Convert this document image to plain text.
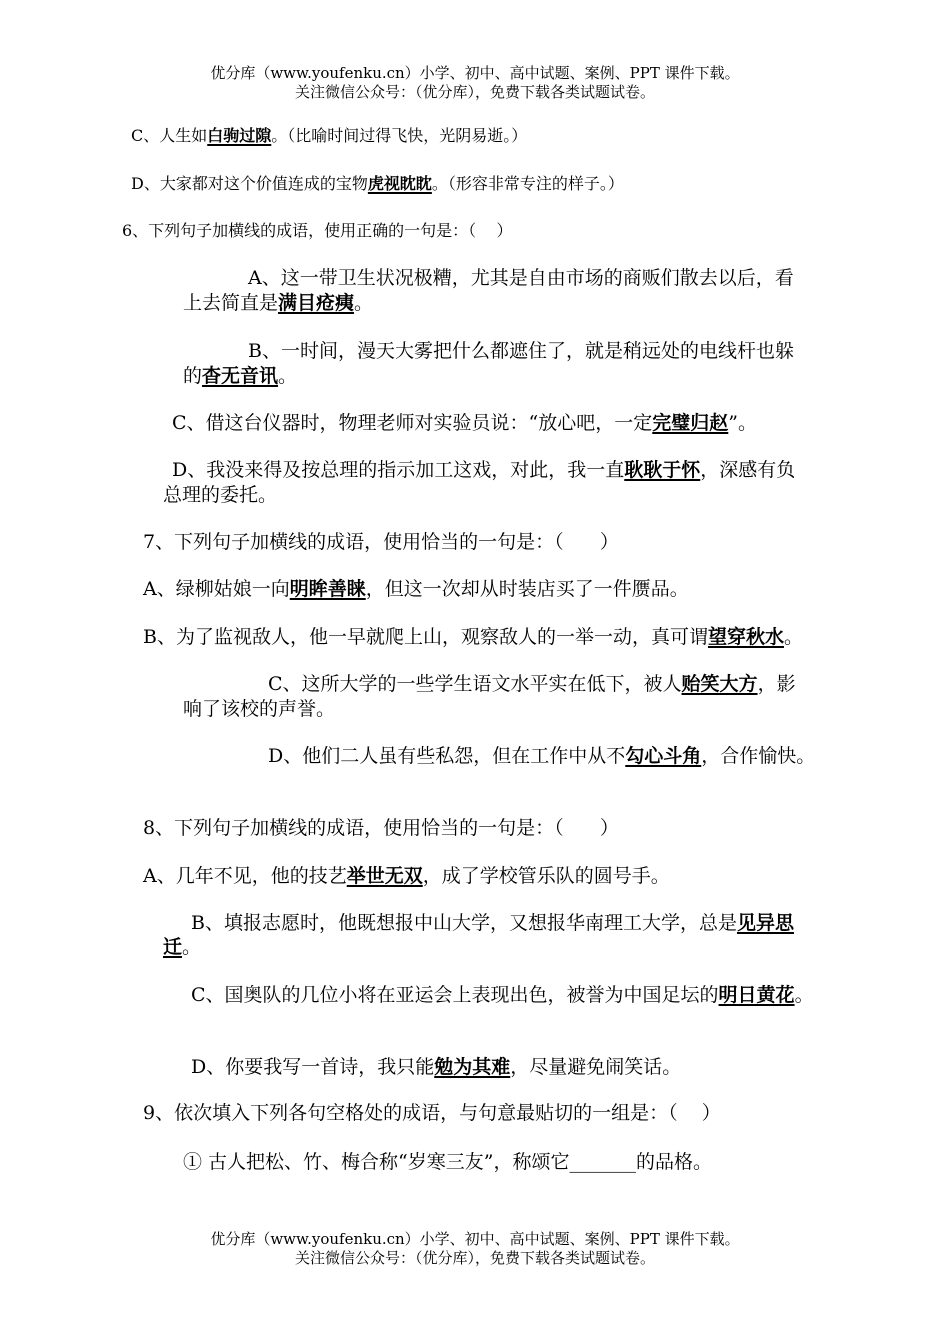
优分库（www.youfenku.cn）小学、初中、高中试题、案例、PPT 课件下载。
关注微信公众号：（优分库），免费下载各类试题试卷。
C、人生如白驹过隙。（比喻时间过得飞快，光阴易逝。）
D、大家都对这个价值连成的宝物虎视眈眈。（形容非常专注的样子。）
6、下列句子加横线的成语，使用正确的一句是：（    ）
A、这一带卫生状况极糟，尤其是自由市场的商贩们散去以后，看
上去简直是满目疮痍。
B、一时间，漫天大雾把什么都遮住了，就是稍远处的电线杆也躲
的杳无音讯。
C、借这台仪器时，物理老师对实验员说：“放心吧，一定完璧归赵”。
D、我没来得及按总理的指示加工这戏，对此，我一直耿耿于怀，深感有负
总理的委托。
7、下列句子加横线的成语，使用恰当的一句是：（      ）
A、绿柳姑娘一向明眸善睐，但这一次却从时装店买了一件赝品。
B、为了监视敌人，他一早就爬上山，观察敌人的一举一动，真可谓望穿秋水。
C、这所大学的一些学生语文水平实在低下，被人贻笑大方，影
响了该校的声誉。
D、他们二人虽有些私怨，但在工作中从不勾心斗角，合作愉快。
8、下列句子加横线的成语，使用恰当的一句是：（      ）
A、几年不见，他的技艺举世无双，成了学校管乐队的圆号手。
B、填报志愿时，他既想报中山大学，又想报华南理工大学，总是见异思
迁。
C、国奥队的几位小将在亚运会上表现出色，被誉为中国足坛的明日黄花。
D、你要我写一首诗，我只能勉为其难，尽量避免闹笑话。
9、依次填入下列各句空格处的成语，与句意最贴切的一组是：（    ）
① 古人把松、竹、梅合称“岁寒三友”，称颂它_______的品格。
优分库（www.youfenku.cn）小学、初中、高中试题、案例、PPT 课件下载。
关注微信公众号：（优分库），免费下载各类试题试卷。
